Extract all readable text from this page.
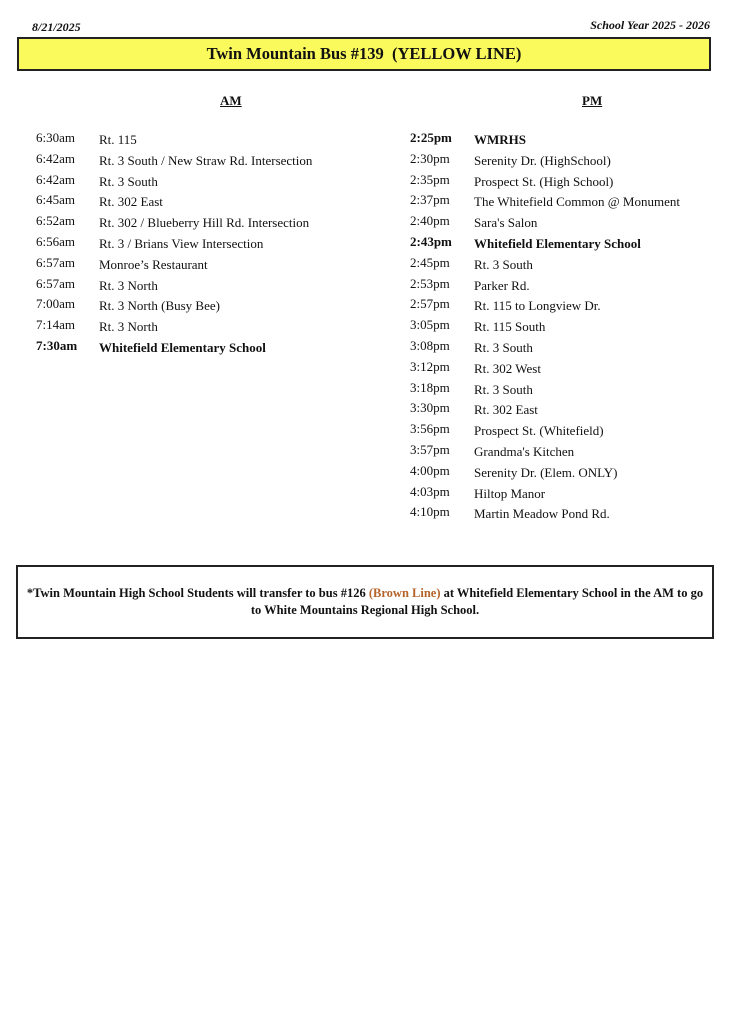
8/21/2025	School Year 2025 - 2026
Twin Mountain Bus #139  (YELLOW LINE)
AM	PM
6:30am	Rt. 115
6:42am	Rt. 3 South / New Straw Rd. Intersection
6:42am	Rt. 3 South
6:45am	Rt. 302 East
6:52am	Rt. 302 / Blueberry Hill Rd. Intersection
6:56am	Rt. 3 / Brians View Intersection
6:57am	Monroe’s Restaurant
6:57am	Rt. 3 North
7:00am	Rt. 3 North (Busy Bee)
7:14am	Rt. 3 North
7:30am	Whitefield Elementary School
2:25pm	WMRHS
2:30pm	Serenity Dr. (HighSchool)
2:35pm	Prospect St. (High School)
2:37pm	The Whitefield Common @ Monument
2:40pm	Sara's Salon
2:43pm	Whitefield Elementary School
2:45pm	Rt. 3 South
2:53pm	Parker Rd.
2:57pm	Rt. 115 to Longview Dr.
3:05pm	Rt. 115 South
3:08pm	Rt. 3 South
3:12pm	Rt. 302 West
3:18pm	Rt. 3 South
3:30pm	Rt. 302 East
3:56pm	Prospect St. (Whitefield)
3:57pm	Grandma's Kitchen
4:00pm	Serenity Dr. (Elem. ONLY)
4:03pm	Hiltop Manor
4:10pm	Martin Meadow Pond Rd.
*Twin Mountain High School Students will transfer to bus #126 (Brown Line) at Whitefield Elementary School in the AM to go to White Mountains Regional High School.
